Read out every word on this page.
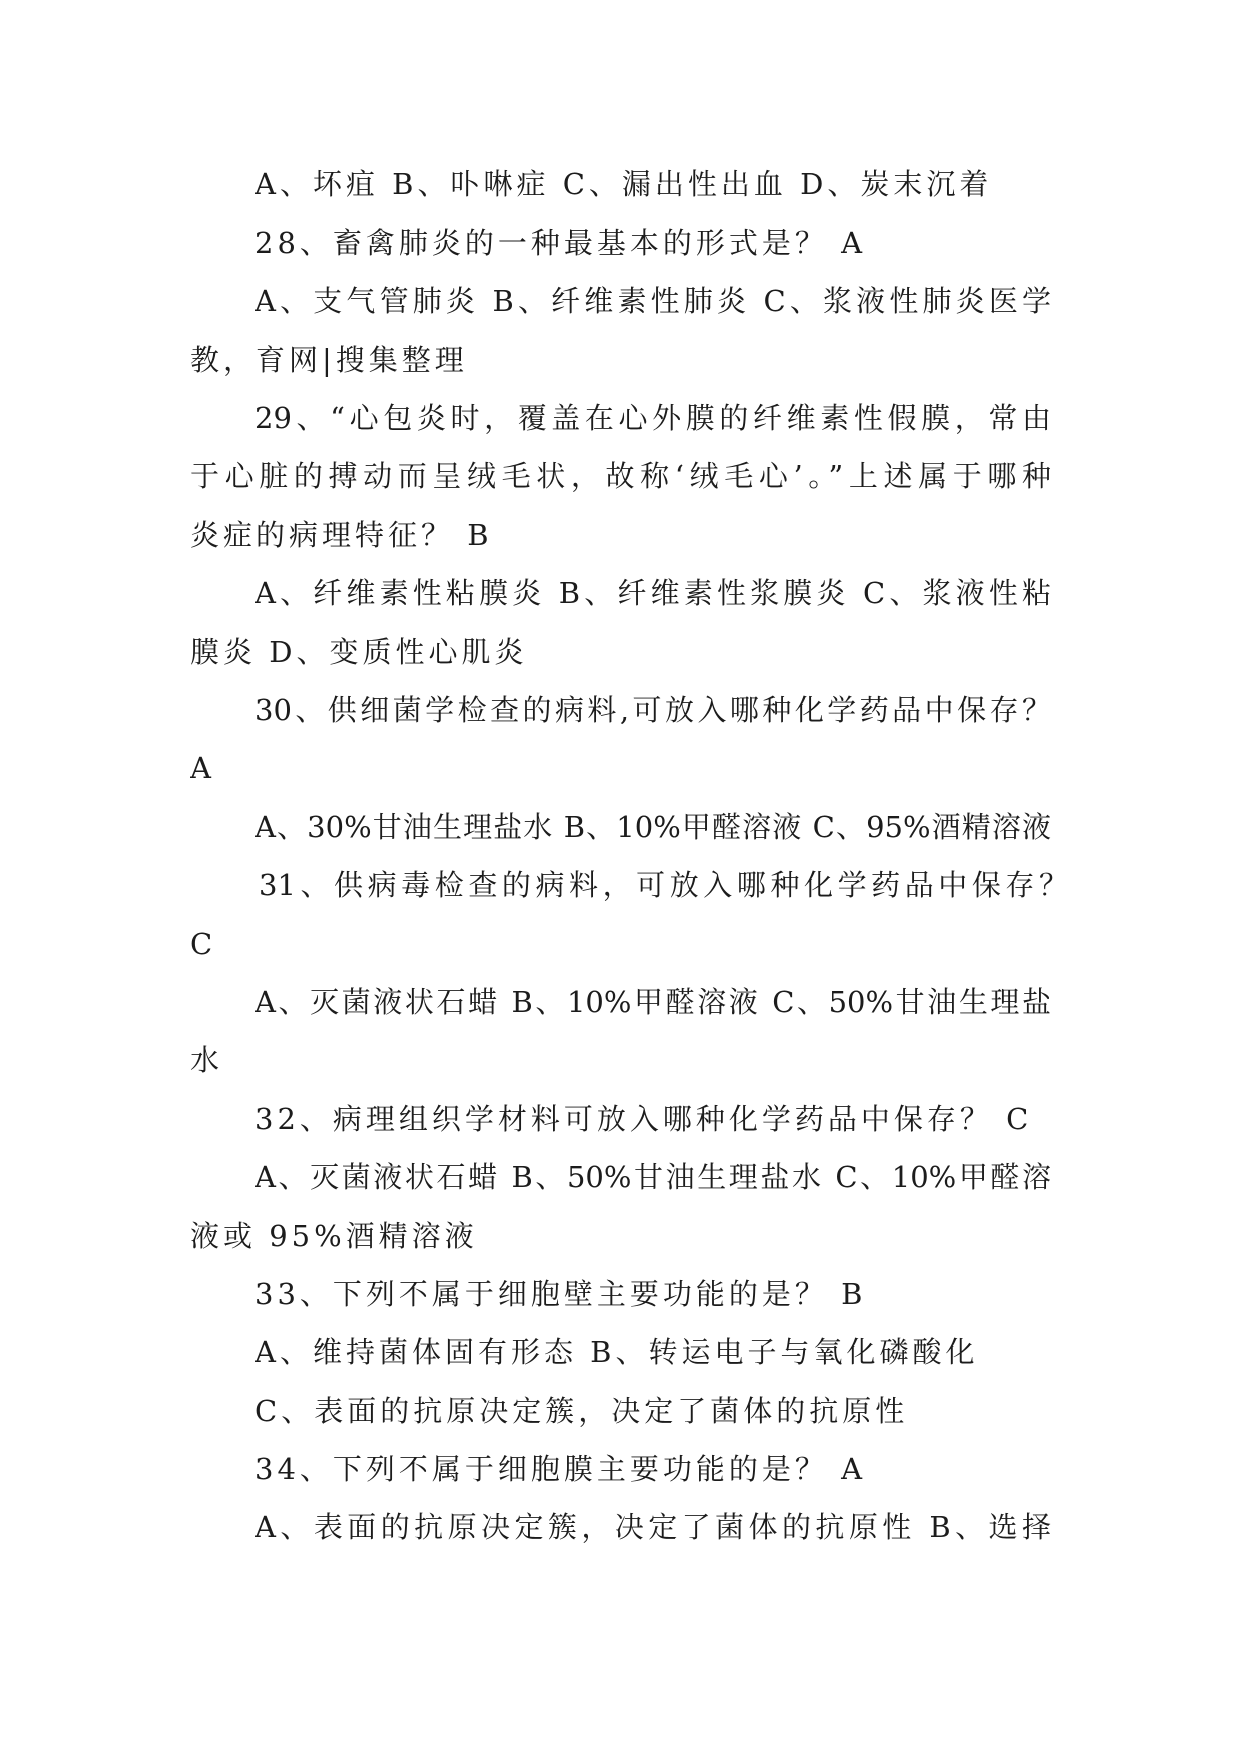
A、坏疽 B、卟啉症 C、漏出性出血 D、炭末沉着
28、畜禽肺炎的一种最基本的形式是？ A
A、支气管肺炎 B、纤维素性肺炎 C、浆液性肺炎医学
教，育网|搜集整理
29、“心包炎时，覆盖在心外膜的纤维素性假膜，常由
于心脏的搏动而呈绒毛状，故称‘绒毛心’。”上述属于哪种
炎症的病理特征？ B
A、纤维素性粘膜炎 B、纤维素性浆膜炎 C、浆液性粘
膜炎 D、变质性心肌炎
30、供细菌学检查的病料,可放入哪种化学药品中保存？
A
A、30%甘油生理盐水 B、10%甲醛溶液 C、95%酒精溶液
31、供病毒检查的病料，可放入哪种化学药品中保存？
C
A、灭菌液状石蜡 B、10%甲醛溶液 C、50%甘油生理盐
水
32、病理组织学材料可放入哪种化学药品中保存？ C
A、灭菌液状石蜡 B、50%甘油生理盐水 C、10%甲醛溶
液或 95%酒精溶液
33、下列不属于细胞壁主要功能的是？ B
A、维持菌体固有形态 B、转运电子与氧化磷酸化
C、表面的抗原决定簇，决定了菌体的抗原性
34、下列不属于细胞膜主要功能的是？ A
A、表面的抗原决定簇，决定了菌体的抗原性 B、选择
